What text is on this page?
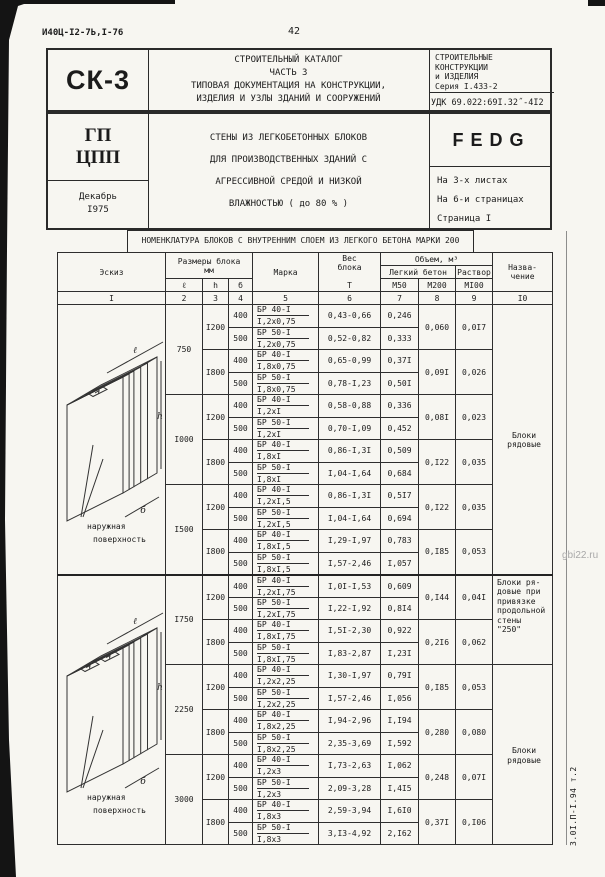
И40Ц-I2-7Ь,I-76	42
СК-3
СТРОИТЕЛЬНЫЙ КАТАЛОГ
ЧАСТЬ 3
ТИПОВАЯ ДОКУМЕНТАЦИЯ НА КОНСТРУКЦИИ,
ИЗДЕЛИЯ И УЗЛЫ ЗДАНИЙ И СООРУЖЕНИЙ
СТРОИТЕЛЬНЫЕ
КОНСТРУКЦИИ
и ИЗДЕЛИЯ
Серия I.433-2
УДК 69.022:69I.32˝-4I2
ГП
ЦПП
Декабрь
I975
СТЕНЫ ИЗ ЛЕГКОБЕТОННЫХ БЛОКОВ
ДЛЯ ПРОИЗВОДСТВЕННЫХ ЗДАНИЙ С
АГРЕССИВНОЙ СРЕДОЙ И НИЗКОЙ
ВЛАЖНОСТЬЮ ( до 80 % )
FEDG
На 3-х листах
На 6-и страницах
Страница I
НОМЕНКЛАТУРА БЛОКОВ С ВНУТРЕННИМ СЛОЕМ ИЗ ЛЕГКОГО БЕТОНА МАРКИ 200
Эскиз	Размеры блока
мм			Марка	Вес
блока

Т	Объем, м³			Назва-
чение
						Легкий бетон		Раствор	
	ℓ	h	б			М50	М200	МI00	
I	2	3	4	5	6	7	8	9	I0

ℓ
h
б
наружная
поверхность	750	I200	400	БР 40-I
I,2х0,75	0,43-0,66	0,246	0,060	0,0I7	Блоки
рядовые
			500	БР 50-I
I,2х0,75	0,52-0,82	0,333			
		I800	400	БР 40-I
I,8х0,75	0,65-0,99	0,37I	0,09I	0,026	
			500	БР 50-I
I,8х0,75	0,78-I,23	0,50I			
	I000	I200	400	БР 40-I
I,2хI	0,58-0,88	0,336	0,08I	0,023	
			500	БР 50-I
I,2хI	0,70-I,09	0,452			
		I800	400	БР 40-I
I,8хI	0,86-I,3I	0,509	0,I22	0,035	
			500	БР 50-I
I,8хI	I,04-I,64	0,684			
	I500	I200	400	БР 40-I
I,2хI,5	0,86-I,3I	0,5I7	0,I22	0,035	
			500	БР 50-I
I,2хI,5	I,04-I,64	0,694			
		I800	400	БР 40-I
I,8хI,5	I,29-I,97	0,783	0,I85	0,053	
			500	БР 50-I
I,8хI,5	I,57-2,46	I,057			

ℓ
h
б
наружная
поверхность
	I750	I200	400	БР 40-I
I,2хI,75	I,0I-I,53	0,609	0,I44	0,04I	Блоки ря-
довые при
привязке
продольной
стены
"250"
			500	БР 50-I
I,2хI,75	I,22-I,92	0,8I4			
		I800	400	БР 40-I
I,8хI,75	I,5I-2,30	0,922	0,2I6	0,062	
			500	БР 50-I
I,8хI,75	I,83-2,87	I,23I			
	2250	I200	400	БР 40-I
I,2х2,25	I,30-I,97	0,79I	0,I85	0,053	Блоки
рядовые
			500	БР 50-I
I,2х2,25	I,57-2,46	I,056			
		I800	400	БР 40-I
I,8х2,25	I,94-2,96	I,I94	0,280	0,080	
			500	БР 50-I
I,8х2,25	2,35-3,69	I,592			
	3000	I200	400	БР 40-I
I,2х3	I,73-2,63	I,062	0,248	0,07I	
			500	БР 50-I
I,2х3	2,09-3,28	I,4I5			
		I800	400	БР 40-I
I,8х3	2,59-3,94	I,6I0	0,37I	0,I06	
			500	БР 50-I
I,8х3	3,I3-4,92	2,I62			
gbi22.ru
3.0I.П-I.94 т.2
